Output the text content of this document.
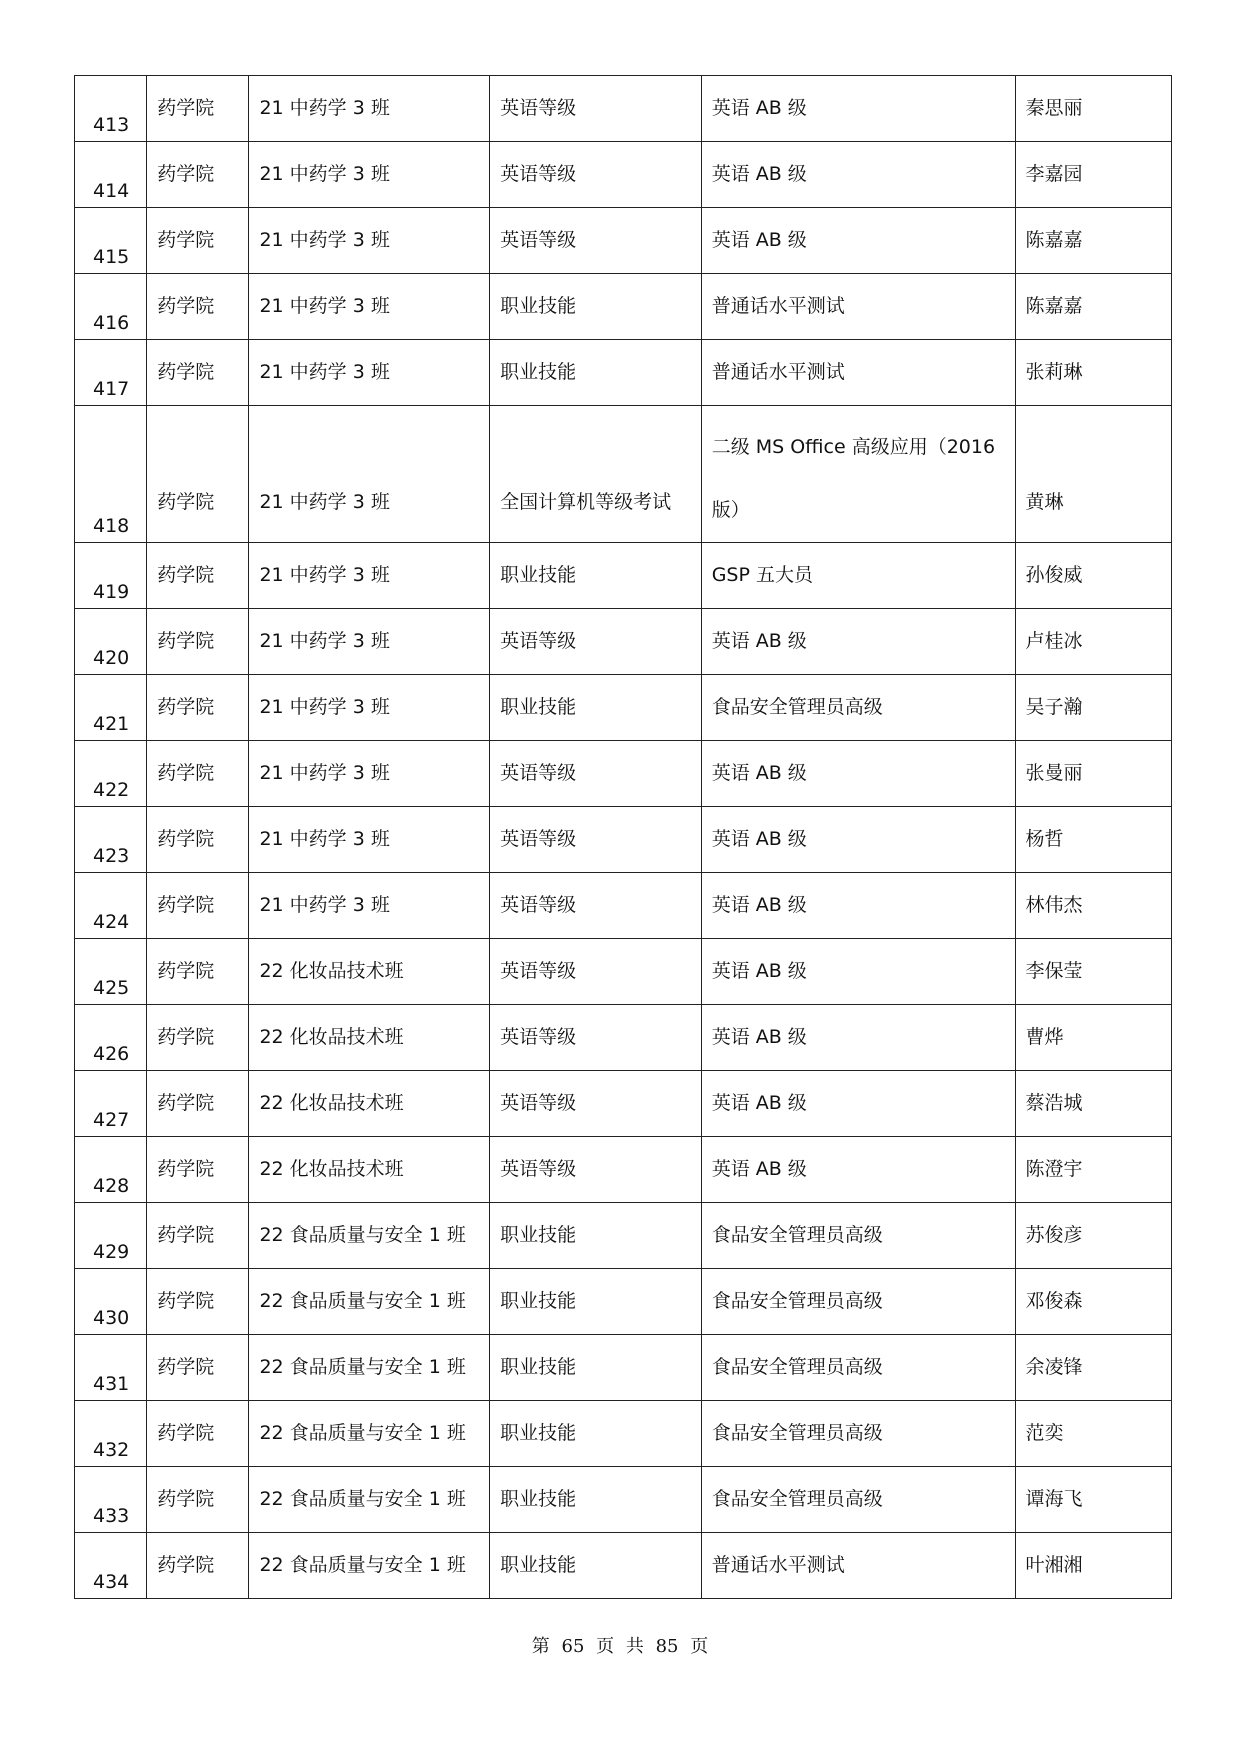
413	药学院	21 中药学 3 班	英语等级	英语 AB 级	秦思丽
414	药学院	21 中药学 3 班	英语等级	英语 AB 级	李嘉园
415	药学院	21 中药学 3 班	英语等级	英语 AB 级	陈嘉嘉
416	药学院	21 中药学 3 班	职业技能	普通话水平测试	陈嘉嘉
417	药学院	21 中药学 3 班	职业技能	普通话水平测试	张莉琳
418	药学院	21 中药学 3 班	全国计算机等级考试	二级 MS Office 高级应用（2016 版）	黄琳
419	药学院	21 中药学 3 班	职业技能	GSP 五大员	孙俊威
420	药学院	21 中药学 3 班	英语等级	英语 AB 级	卢桂冰
421	药学院	21 中药学 3 班	职业技能	食品安全管理员高级	吴子瀚
422	药学院	21 中药学 3 班	英语等级	英语 AB 级	张曼丽
423	药学院	21 中药学 3 班	英语等级	英语 AB 级	杨哲
424	药学院	21 中药学 3 班	英语等级	英语 AB 级	林伟杰
425	药学院	22 化妆品技术班	英语等级	英语 AB 级	李保莹
426	药学院	22 化妆品技术班	英语等级	英语 AB 级	曹烨
427	药学院	22 化妆品技术班	英语等级	英语 AB 级	蔡浩城
428	药学院	22 化妆品技术班	英语等级	英语 AB 级	陈澄宇
429	药学院	22 食品质量与安全 1 班	职业技能	食品安全管理员高级	苏俊彦
430	药学院	22 食品质量与安全 1 班	职业技能	食品安全管理员高级	邓俊森
431	药学院	22 食品质量与安全 1 班	职业技能	食品安全管理员高级	余凌锋
432	药学院	22 食品质量与安全 1 班	职业技能	食品安全管理员高级	范奕
433	药学院	22 食品质量与安全 1 班	职业技能	食品安全管理员高级	谭海飞
434	药学院	22 食品质量与安全 1 班	职业技能	普通话水平测试	叶湘湘
第 65 页 共 85 页
